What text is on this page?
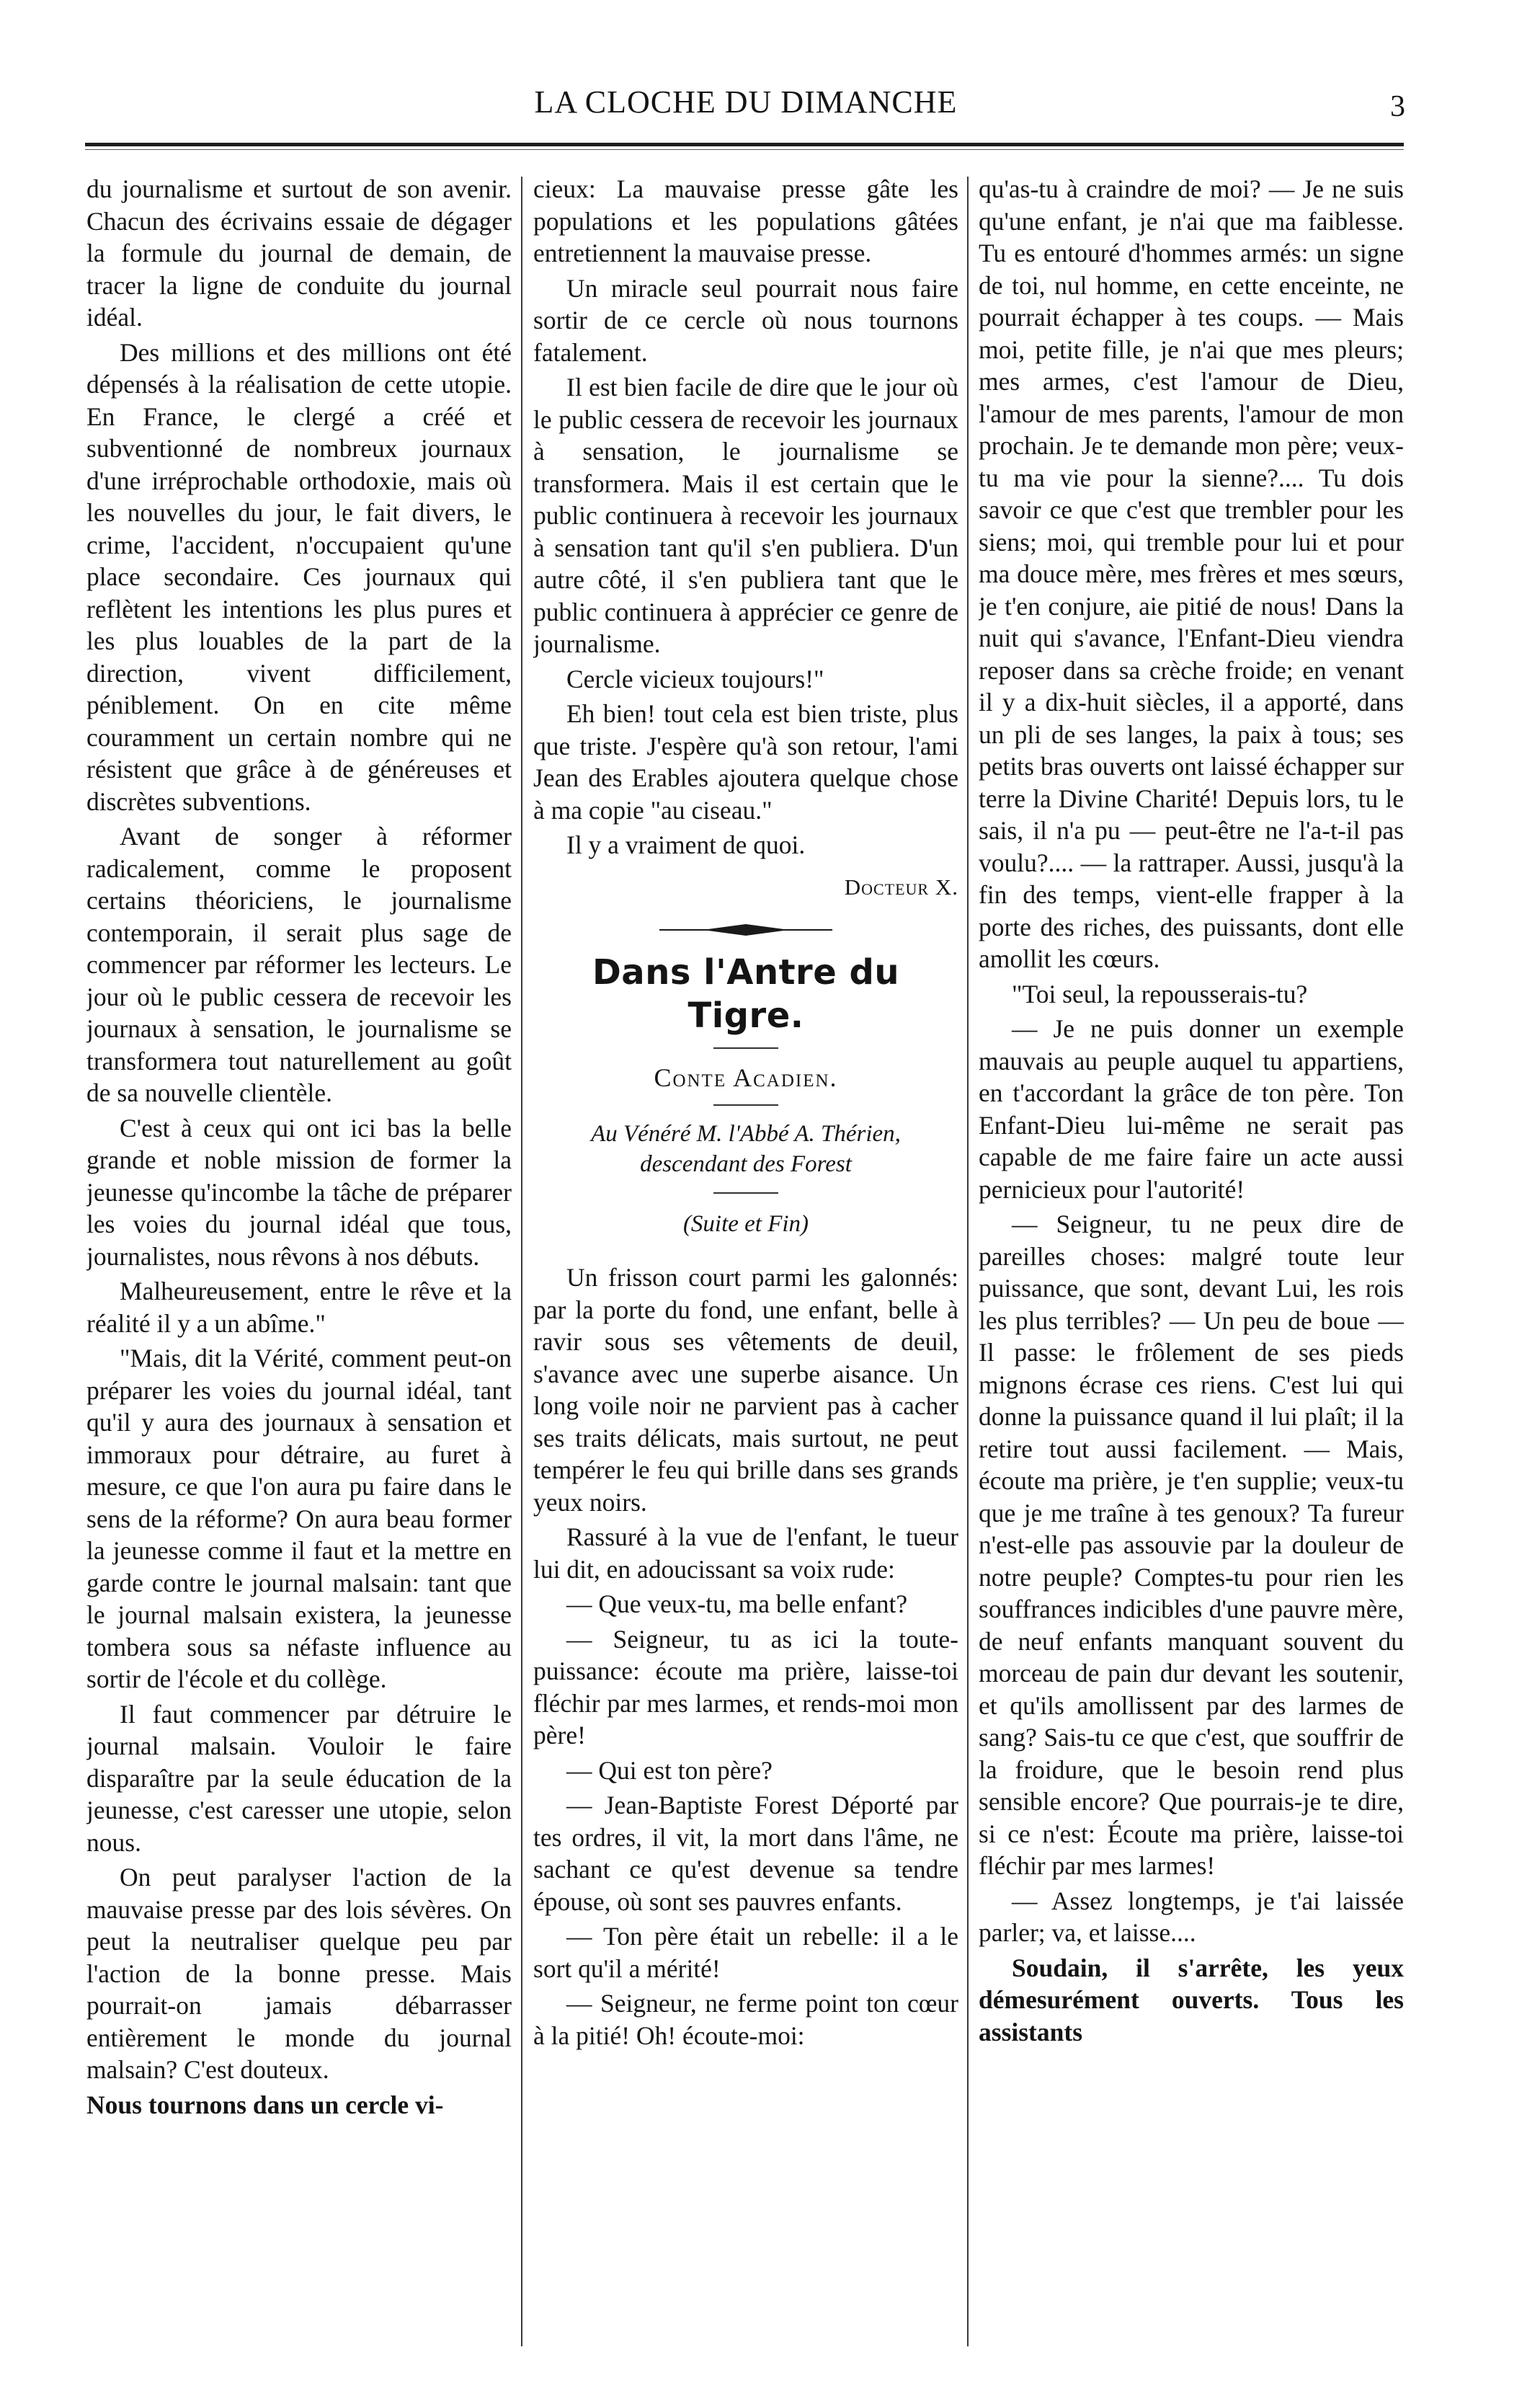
LA CLOCHE DU DIMANCHE	3

du journalisme et surtout de son avenir. Chacun des écrivains essaie de dégager la formule du journal de demain, de tracer la ligne de conduite du journal idéal.

Des millions et des millions ont été dépensés à la réalisation de cette utopie. En France, le clergé a créé et subventionné de nombreux journaux d'une irréprochable orthodoxie, mais où les nouvelles du jour, le fait divers, le crime, l'accident, n'occupaient qu'une place secondaire. Ces journaux qui reflètent les intentions les plus pures et les plus louables de la part de la direction, vivent difficilement, péniblement. On en cite même couramment un certain nombre qui ne résistent que grâce à de généreuses et discrètes subventions.

Avant de songer à réformer radicalement, comme le proposent certains théoriciens, le journalisme contemporain, il serait plus sage de commencer par réformer les lecteurs. Le jour où le public cessera de recevoir les journaux à sensation, le journalisme se transformera tout naturellement au goût de sa nouvelle clientèle.

C'est à ceux qui ont ici bas la belle grande et noble mission de former la jeunesse qu'incombe la tâche de préparer les voies du journal idéal que tous, journalistes, nous rêvons à nos débuts.

Malheureusement, entre le rêve et la réalité il y a un abîme."

"Mais, dit la Vérité, comment peut-on préparer les voies du journal idéal, tant qu'il y aura des journaux à sensation et immoraux pour détraire, au furet à mesure, ce que l'on aura pu faire dans le sens de la réforme? On aura beau former la jeunesse comme il faut et la mettre en garde contre le journal malsain: tant que le journal malsain existera, la jeunesse tombera sous sa néfaste influence au sortir de l'école et du collège.

Il faut commencer par détruire le journal malsain. Vouloir le faire disparaître par la seule éducation de la jeunesse, c'est caresser une utopie, selon nous.

On peut paralyser l'action de la mauvaise presse par des lois sévères. On peut la neutraliser quelque peu par l'action de la bonne presse. Mais pourrait-on jamais débarrasser entièrement le monde du journal malsain? C'est douteux.

Nous tournons dans un cercle vi-

cieux: La mauvaise presse gâte les populations et les populations gâtées entretiennent la mauvaise presse.

Un miracle seul pourrait nous faire sortir de ce cercle où nous tournons fatalement.

Il est bien facile de dire que le jour où le public cessera de recevoir les journaux à sensation, le journalisme se transformera. Mais il est certain que le public continuera à recevoir les journaux à sensation tant qu'il s'en publiera. D'un autre côté, il s'en publiera tant que le public continuera à apprécier ce genre de journalisme.

Cercle vicieux toujours!"

Eh bien! tout cela est bien triste, plus que triste. J'espère qu'à son retour, l'ami Jean des Erables ajoutera quelque chose à ma copie "au ciseau."

Il y a vraiment de quoi.

Docteur X.
Dans l'Antre du Tigre.
Conte Acadien.
Au Vénéré M. l'Abbé A. Thérien, descendant des Forest
(Suite et Fin)

Un frisson court parmi les galonnés: par la porte du fond, une enfant, belle à ravir sous ses vêtements de deuil, s'avance avec une superbe aisance. Un long voile noir ne parvient pas à cacher ses traits délicats, mais surtout, ne peut tempérer le feu qui brille dans ses grands yeux noirs.

Rassuré à la vue de l'enfant, le tueur lui dit, en adoucissant sa voix rude:

— Que veux-tu, ma belle enfant?

— Seigneur, tu as ici la toute-puissance: écoute ma prière, laisse-toi fléchir par mes larmes, et rends-moi mon père!

— Qui est ton père?

— Jean-Baptiste Forest Déporté par tes ordres, il vit, la mort dans l'âme, ne sachant ce qu'est devenue sa tendre épouse, où sont ses pauvres enfants.

— Ton père était un rebelle: il a le sort qu'il a mérité!

— Seigneur, ne ferme point ton cœur à la pitié! Oh! écoute-moi:

qu'as-tu à craindre de moi? — Je ne suis qu'une enfant, je n'ai que ma faiblesse. Tu es entouré d'hommes armés: un signe de toi, nul homme, en cette enceinte, ne pourrait échapper à tes coups. — Mais moi, petite fille, je n'ai que mes pleurs; mes armes, c'est l'amour de Dieu, l'amour de mes parents, l'amour de mon prochain. Je te demande mon père; veux-tu ma vie pour la sienne?.... Tu dois savoir ce que c'est que trembler pour les siens; moi, qui tremble pour lui et pour ma douce mère, mes frères et mes sœurs, je t'en conjure, aie pitié de nous! Dans la nuit qui s'avance, l'Enfant-Dieu viendra reposer dans sa crèche froide; en venant il y a dix-huit siècles, il a apporté, dans un pli de ses langes, la paix à tous; ses petits bras ouverts ont laissé échapper sur terre la Divine Charité! Depuis lors, tu le sais, il n'a pu — peut-être ne l'a-t-il pas voulu?.... — la rattraper. Aussi, jusqu'à la fin des temps, vient-elle frapper à la porte des riches, des puissants, dont elle amollit les cœurs.

"Toi seul, la repousserais-tu?

— Je ne puis donner un exemple mauvais au peuple auquel tu appartiens, en t'accordant la grâce de ton père. Ton Enfant-Dieu lui-même ne serait pas capable de me faire faire un acte aussi pernicieux pour l'autorité!

— Seigneur, tu ne peux dire de pareilles choses: malgré toute leur puissance, que sont, devant Lui, les rois les plus terribles? — Un peu de boue — Il passe: le frôlement de ses pieds mignons écrase ces riens. C'est lui qui donne la puissance quand il lui plaît; il la retire tout aussi facilement. — Mais, écoute ma prière, je t'en supplie; veux-tu que je me traîne à tes genoux? Ta fureur n'est-elle pas assouvie par la douleur de notre peuple? Comptes-tu pour rien les souffrances indicibles d'une pauvre mère, de neuf enfants manquant souvent du morceau de pain dur devant les soutenir, et qu'ils amollissent par des larmes de sang? Sais-tu ce que c'est, que souffrir de la froidure, que le besoin rend plus sensible encore? Que pourrais-je te dire, si ce n'est: Écoute ma prière, laisse-toi fléchir par mes larmes!

— Assez longtemps, je t'ai laissée parler; va, et laisse....

Soudain, il s'arrête, les yeux démesurément ouverts. Tous les assistants
